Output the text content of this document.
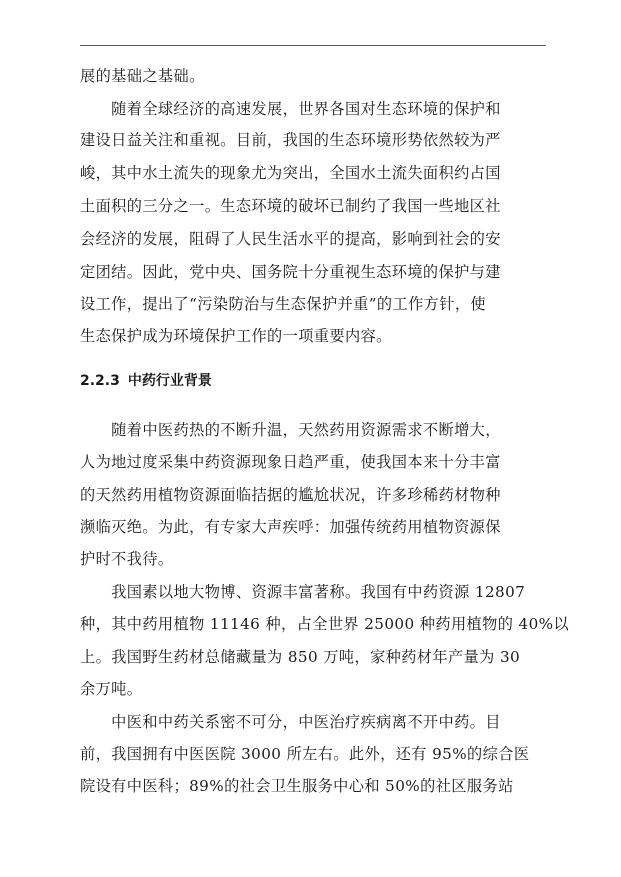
展的基础之基础。
　　随着全球经济的高速发展，世界各国对生态环境的保护和
建设日益关注和重视。目前，我国的生态环境形势依然较为严
峻，其中水土流失的现象尤为突出，全国水土流失面积约占国
土面积的三分之一。生态环境的破坏已制约了我国一些地区社
会经济的发展，阻碍了人民生活水平的提高，影响到社会的安
定团结。因此，党中央、国务院十分重视生态环境的保护与建
设工作，提出了“污染防治与生态保护并重”的工作方针，使
生态保护成为环境保护工作的一项重要内容。
2.2.3 中药行业背景
　　随着中医药热的不断升温，天然药用资源需求不断增大，
人为地过度采集中药资源现象日趋严重，使我国本来十分丰富
的天然药用植物资源面临拮据的尴尬状况，许多珍稀药材物种
濒临灭绝。为此，有专家大声疾呼：加强传统药用植物资源保
护时不我待。
　　我国素以地大物博、资源丰富著称。我国有中药资源 12807
种，其中药用植物 11146 种，占全世界 25000 种药用植物的 40%以
上。我国野生药材总储藏量为 850 万吨，家种药材年产量为 30
余万吨。
　　中医和中药关系密不可分，中医治疗疾病离不开中药。目
前，我国拥有中医医院 3000 所左右。此外，还有 95%的综合医
院设有中医科；89%的社会卫生服务中心和 50%的社区服务站
